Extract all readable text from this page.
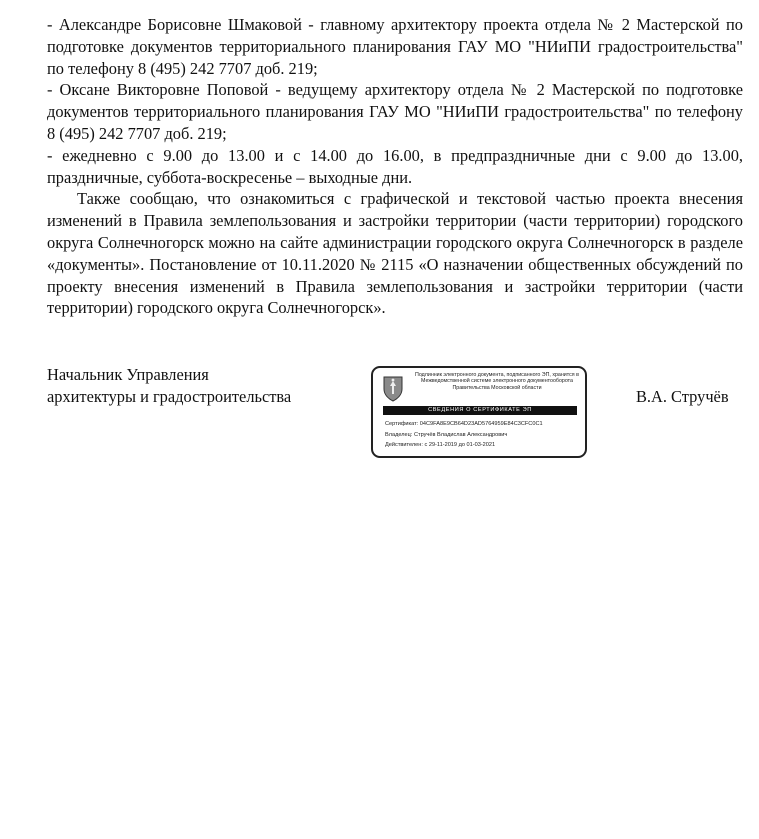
- Александре Борисовне Шмаковой - главному архитектору проекта отдела № 2 Мастерской по подготовке документов территориального планирования ГАУ МО "НИиПИ градостроительства" по телефону 8 (495) 242 7707 доб. 219;

- Оксане Викторовне Поповой - ведущему архитектору отдела № 2 Мастерской по подготовке документов территориального планирования ГАУ МО "НИиПИ градостроительства" по телефону 8 (495) 242 7707 доб. 219;

- ежедневно с 9.00 до 13.00 и с 14.00 до 16.00, в предпраздничные дни с 9.00 до 13.00, праздничные, суббота-воскресенье – выходные дни.

Также сообщаю, что ознакомиться с графической и текстовой частью проекта внесения изменений в Правила землепользования и застройки территории (части территории) городского округа Солнечногорск можно на сайте администрации городского округа Солнечногорск в разделе «документы». Постановление от 10.11.2020 № 2115 «О назначении общественных обсуждений по проекту внесения изменений в Правила землепользования и застройки территории (части территории) городского округа Солнечногорск».

Начальник Управления
архитектуры и градостроительства
Подлинник электронного документа, подписанного ЭП, хранится в Межведомственной системе электронного документооборота Правительства Московской области
СВЕДЕНИЯ О СЕРТИФИКАТЕ ЭП
Сертификат: 04C9FA8E9CB64D23AD5764959E84C3CFC0C1
Владелец: Стручёв Владислав Александрович
Действителен: с 29-11-2019 до 01-03-2021
В.А. Стручёв
